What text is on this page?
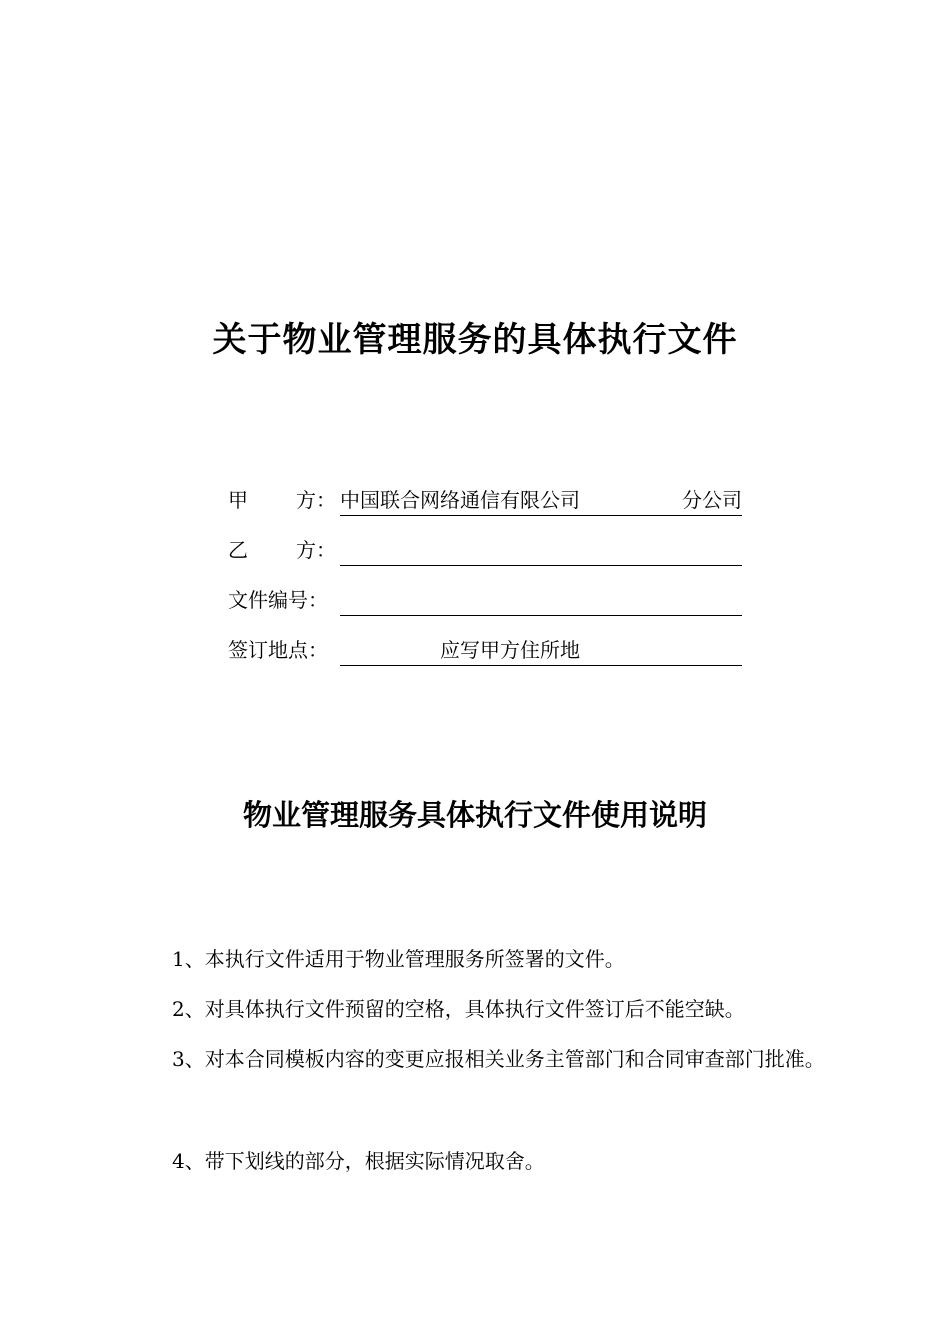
关于物业管理服务的具体执行文件
甲 方： 中国联合网络通信有限公司	分公司
乙 方：
文件编号：
签订地点：	应写甲方住所地
物业管理服务具体执行文件使用说明
1、本执行文件适用于物业管理服务所签署的文件。
2、对具体执行文件预留的空格，具体执行文件签订后不能空缺。
3、对本合同模板内容的变更应报相关业务主管部门和合同审查部门批准。
4、带下划线的部分，根据实际情况取舍。
